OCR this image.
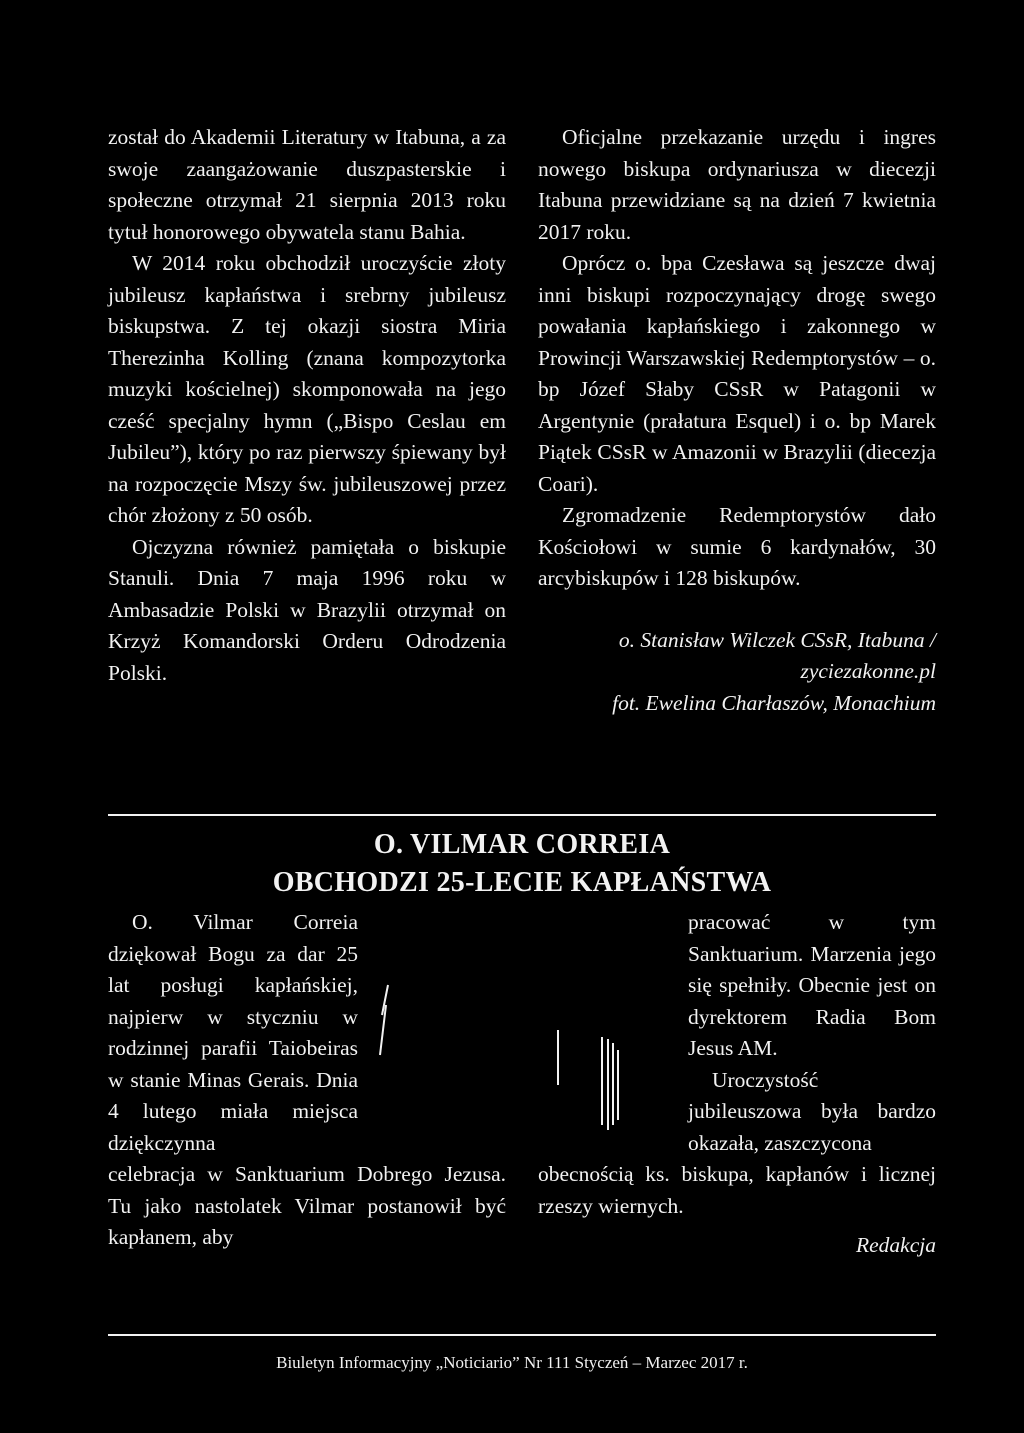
został do Akademii Literatury w Itabuna, a za swoje zaangażowanie duszpasterskie i społeczne otrzymał 21 sierpnia 2013 roku tytuł honorowego obywatela stanu Bahia.

W 2014 roku obchodził uroczyście złoty jubileusz kapłaństwa i srebrny jubileusz biskupstwa. Z tej okazji siostra Miria Therezinha Kolling (znana kompozytorka muzyki kościelnej) skomponowała na jego cześć specjalny hymn („Bispo Ceslau em Jubileu”), który po raz pierwszy śpiewany był na rozpoczęcie Mszy św. jubileuszowej przez chór złożony z 50 osób.

Ojczyzna również pamiętała o biskupie Stanuli. Dnia 7 maja 1996 roku w Ambasadzie Polski w Brazylii otrzymał on Krzyż Komandorski Orderu Odrodzenia Polski.

Oficjalne przekazanie urzędu i ingres nowego biskupa ordynariusza w diecezji Itabuna przewidziane są na dzień 7 kwietnia 2017 roku.

Oprócz o. bpa Czesława są jeszcze dwaj inni biskupi rozpoczynający drogę swego powałania kapłańskiego i zakonnego w Prowincji Warszawskiej Redemptorystów – o. bp Józef Słaby CSsR w Patagonii w Argentynie (prałatura Esquel) i o. bp Marek Piątek CSsR w Amazonii w Brazylii (diecezja Coari).

Zgromadzenie Redemptorystów dało Kościołowi w sumie 6 kardynałów, 30 arcybiskupów i 128 biskupów.

o. Stanisław Wilczek CSsR, Itabuna /

zyciezakonne.pl

fot. Ewelina Charłaszów, Monachium

O. VILMAR CORREIA
OBCHODZI 25-LECIE KAPŁAŃSTWA

O. Vilmar Correia dziękował Bogu za dar 25 lat posługi kapłańskiej, najpierw w styczniu w rodzinnej parafii Taiobeiras w stanie Minas Gerais. Dnia 4 lutego miała miejsca dziękczynna

celebracja w Sanktuarium Dobrego Jezusa. Tu jako nastolatek Vilmar postanowił być kapłanem, aby

pracować w tym Sanktuarium. Marzenia jego się spełniły. Obecnie jest on dyrektorem Radia Bom Jesus AM.

Uroczystość jubileuszowa była bardzo okazała, zaszczycona

obecnością ks. biskupa, kapłanów i licznej rzeszy wiernych.

Redakcja

Biuletyn Informacyjny „Noticiario” Nr 111 Styczeń – Marzec 2017 r.
